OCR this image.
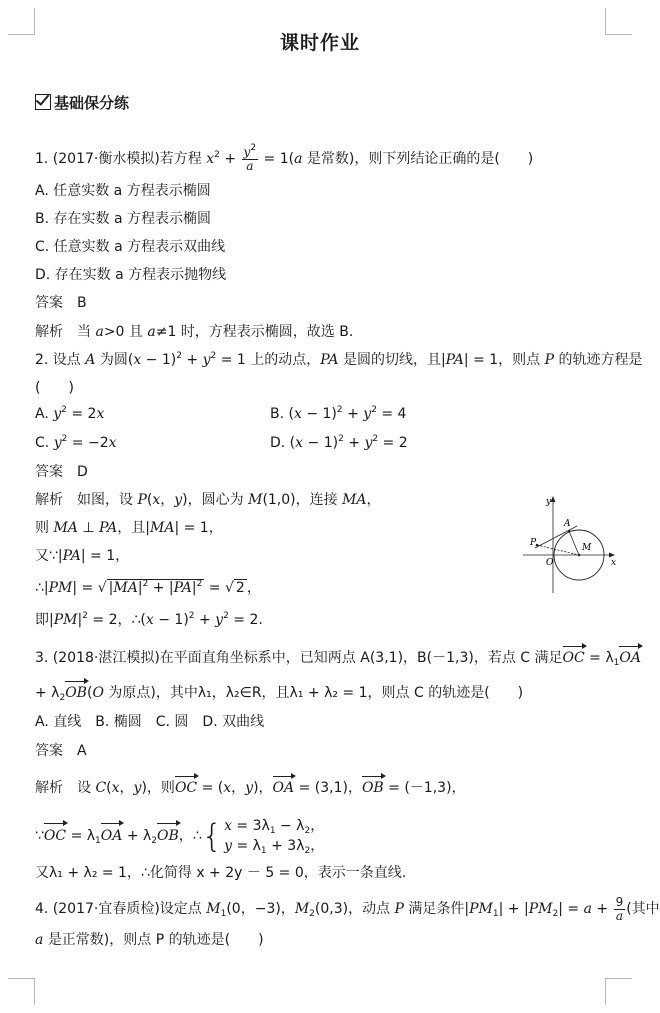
课时作业
基础保分练
1. (2017·衡水模拟)若方程 $x^2 + \frac{y^2}{a} = 1(a$ 是常数)，则下列结论正确的是(　　)
A. 任意实数 a 方程表示椭圆
B. 存在实数 a 方程表示椭圆
C. 任意实数 a 方程表示双曲线
D. 存在实数 a 方程表示抛物线
答案　B
解析　当 a>0 且 a≠1 时，方程表示椭圆，故选 B.
2. 设点 A 为圆$(x - 1)^2 + y^2 = 1$ 上的动点，PA 是圆的切线，且|PA| = 1，则点 P 的轨迹方程是
(　　)
A. $y^2 = 2x$	B. $(x - 1)^2 + y^2 = 4$
C. $y^2 = -2x$	D. $(x - 1)^2 + y^2 = 2$
答案　D
解析　如图，设 P(x，y)，圆心为 M(1,0)，连接 MA，
则 MA ⊥ PA，且|MA| = 1，
又∵|PA| = 1，
∴|PM| = √ $|MA|^2 + |PA|^2$ = √ 2 ，
即$|PM|^2 = 2$，∴(x − $1)^2 + y^2 = 2$.
y
x
A
P	M
O
3. (2018·湛江模拟)在平面直角坐标系中，已知两点 A(3,1)，B(－1,3)，若点 C 满足OC = $\lambda_1OA$
+ $\lambda_2OB(O$ 为原点)，其中λ₁，λ₂∈R，且λ₁ + λ₂ = 1，则点 C 的轨迹是(　　)
A. 直线　B. 椭圆　C. 圆　D. 双曲线
答案　A
解析　设 C(x，y)，则OC = (x，y)，OA = (3,1)，OB = (－1,3)，
∵OC = $\lambda_1OA + \lambda_2OB$，∴{ $x = 3\lambda_1 - \lambda_2$，
$y = \lambda_1 + 3\lambda_2$，
又λ₁ + λ₂ = 1，∴化简得 x + 2y － 5 = 0，表示一条直线.
4. (2017·宜春质检)设定点 $M_1(0$，−3)，$M_2(0,3)$，动点 P 满足条件$|PM_1| + |PM_2| = a + \frac{9}{a}$ (其中
a 是正常数)，则点 P 的轨迹是(　　)
